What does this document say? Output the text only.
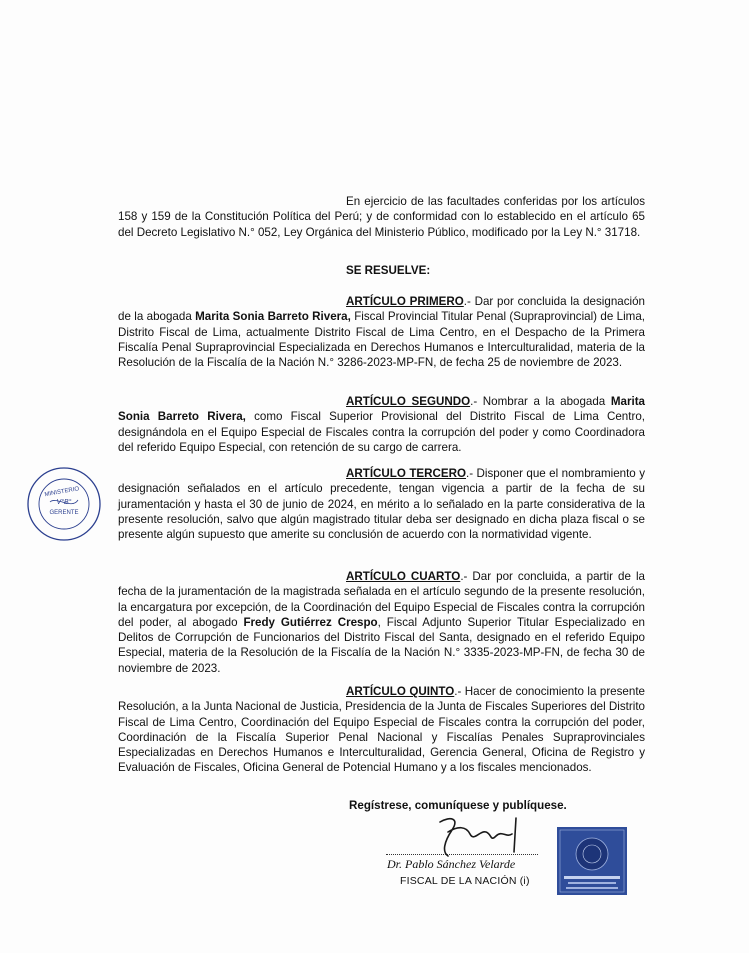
En ejercicio de las facultades conferidas por los artículos 158 y 159 de la Constitución Política del Perú; y de conformidad con lo establecido en el artículo 65 del Decreto Legislativo N.° 052, Ley Orgánica del Ministerio Público, modificado por la Ley N.° 31718.

SE RESUELVE:

ARTÍCULO PRIMERO.- Dar por concluida la designación de la abogada Marita Sonia Barreto Rivera, Fiscal Provincial Titular Penal (Supraprovincial) de Lima, Distrito Fiscal de Lima, actualmente Distrito Fiscal de Lima Centro, en el Despacho de la Primera Fiscalía Penal Supraprovincial Especializada en Derechos Humanos e Interculturalidad, materia de la Resolución de la Fiscalía de la Nación N.° 3286-2023-MP-FN, de fecha 25 de noviembre de 2023.

ARTÍCULO SEGUNDO.- Nombrar a la abogada Marita Sonia Barreto Rivera, como Fiscal Superior Provisional del Distrito Fiscal de Lima Centro, designándola en el Equipo Especial de Fiscales contra la corrupción del poder y como Coordinadora del referido Equipo Especial, con retención de su cargo de carrera.

ARTÍCULO TERCERO.- Disponer que el nombramiento y designación señalados en el artículo precedente, tengan vigencia a partir de la fecha de su juramentación y hasta el 30 de junio de 2024, en mérito a lo señalado en la parte considerativa de la presente resolución, salvo que algún magistrado titular deba ser designado en dicha plaza fiscal o se presente algún supuesto que amerite su conclusión de acuerdo con la normatividad vigente.

ARTÍCULO CUARTO.- Dar por concluida, a partir de la fecha de la juramentación de la magistrada señalada en el artículo segundo de la presente resolución, la encargatura por excepción, de la Coordinación del Equipo Especial de Fiscales contra la corrupción del poder, al abogado Fredy Gutiérrez Crespo, Fiscal Adjunto Superior Titular Especializado en Delitos de Corrupción de Funcionarios del Distrito Fiscal del Santa, designado en el referido Equipo Especial, materia de la Resolución de la Fiscalía de la Nación N.° 3335-2023-MP-FN, de fecha 30 de noviembre de 2023.

ARTÍCULO QUINTO.- Hacer de conocimiento la presente Resolución, a la Junta Nacional de Justicia, Presidencia de la Junta de Fiscales Superiores del Distrito Fiscal de Lima Centro, Coordinación del Equipo Especial de Fiscales contra la corrupción del poder, Coordinación de la Fiscalía Superior Penal Nacional y Fiscalías Penales Supraprovinciales Especializadas en Derechos Humanos e Interculturalidad, Gerencia General, Oficina de Registro y Evaluación de Fiscales, Oficina General de Potencial Humano y a los fiscales mencionados.

Regístrese, comuníquese y publíquese.

Dr. Pablo Sánchez Velarde

FISCAL DE LA NACIÓN (i)

MINISTERIO
V°B°
GERENTE
